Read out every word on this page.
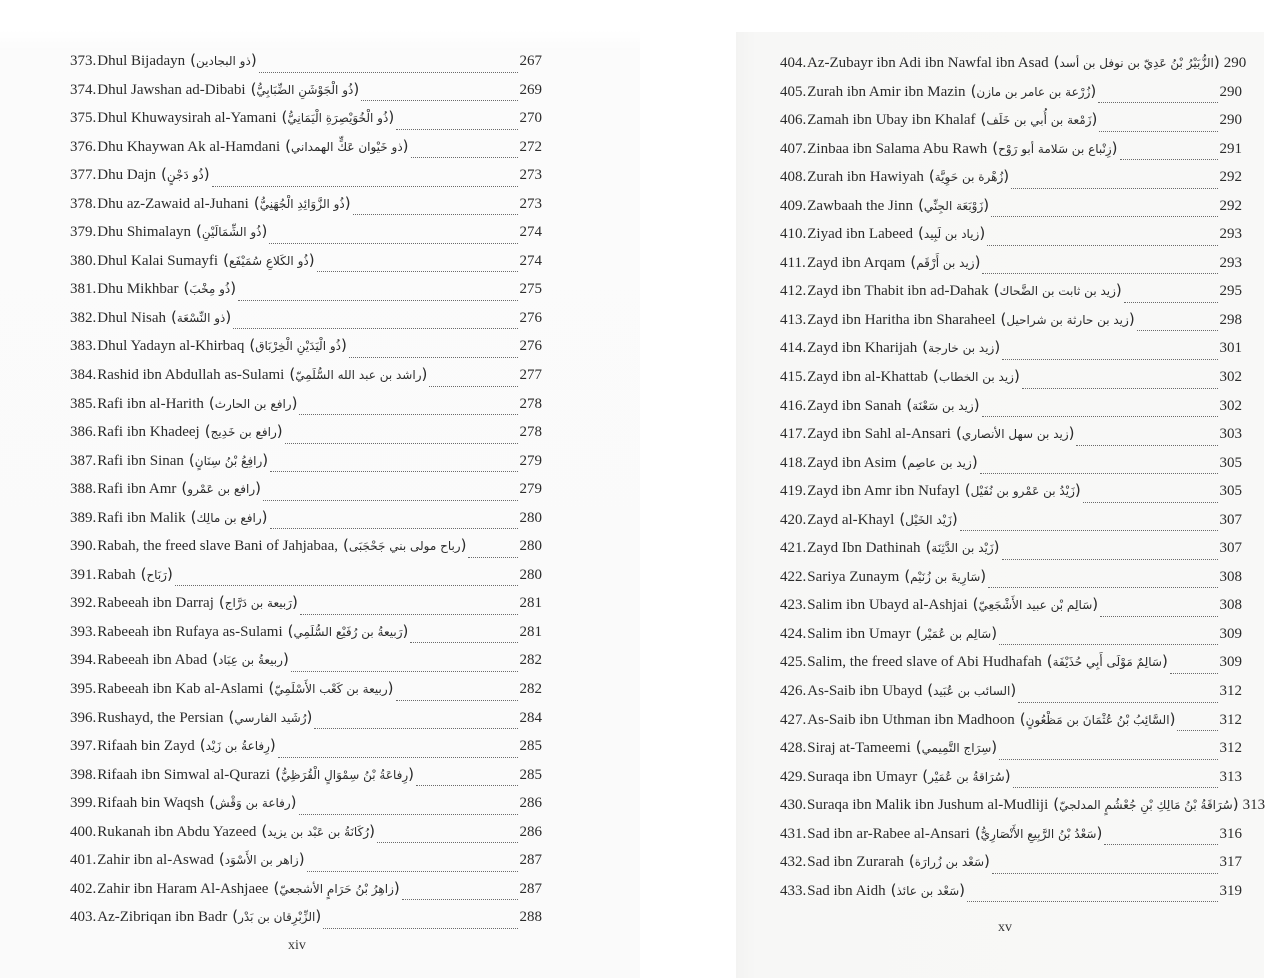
373. Dhul Bijadayn	(ذو البجادين)	267
374. Dhul Jawshan ad-Dibabi	(ذُو الْجَوْشَنِ الضِّبَابِيُّ)	269
375. Dhul Khuwaysirah al-Yamani	(ذُو الْخُوَيْصِرَةِ الْيَمَانِيُّ)	270
376. Dhu Khaywan Ak al-Hamdani	(ذو خَيْوان عَكٍّ الهمداني)	272
377. Dhu Dajn	(ذُو دَجْنٍ)	273
378. Dhu az-Zawaid al-Juhani	(ذُو الزَّوَائِدِ الْجُهَنِيُّ)	273
379. Dhu Shimalayn	(ذُو الشِّمَالَيْنِ)	274
380. Dhul Kalai Sumayfi	(ذُو الكَلاعِ سُمَيْفَع)	274
381. Dhu Mikhbar	(ذُو مِخْبَ)	275
382. Dhul Nisah	(ذو النِّسْعَة)	276
383. Dhul Yadayn al-Khirbaq	(ذُو الْيَدَيْنِ الْخِرْبَاق)	276
384. Rashid ibn Abdullah as-Sulami	(راشد بن عبد الله السُّلَمِيّ)	277
385. Rafi ibn al-Harith	(رافع بن الحارث)	278
386. Rafi ibn Khadeej	(رافع بن خَدِيج)	278
387. Rafi ibn Sinan	(رافِعُ بْنُ سِنَانٍ)	279
388. Rafi ibn Amr	(رافع بن عَمْرو)	279
389. Rafi ibn Malik	(رافع بن مالِك)	280
390. Rabah, the freed slave Bani of Jahjabaa,	(رباح مولى بني جَحْجَبَى)	280
391. Rabah	(رَبَاح)	280
392. Rabeeah ibn Darraj	(رَبيعة بن دَرَّاج)	281
393. Rabeeah ibn Rufaya as-Sulami	(رَبيعةُ بن رُفَيْع السُّلَمِي)	281
394. Rabeeah ibn Abad	(ربيعةُ بن عِبَاد)	282
395. Rabeeah ibn Kab al-Aslami	(ربيعة بن كَعْب الأَسْلَمِيّ)	282
396. Rushayd, the Persian	(رُشَيد الفارسي)	284
397. Rifaah bin Zayd	(رِفاعةُ بن زَيْد)	285
398. Rifaah ibn Simwal al-Qurazi	(رِفاعَةُ بْنُ سِمْوَالٍ الْقُرَظِيُّ)	285
399. Rifaah bin Waqsh	(رفاعة بن وَقْش)	286
400. Rukanah ibn Abdu Yazeed	(رُكَانَةُ بن عَبْد بن يزيد)	286
401. Zahir ibn al-Aswad	(زاهر بن الأَسْوَد)	287
402. Zahir ibn Haram Al-Ashjaee	(زاهِرُ بْنُ حَرَامٍ الأشجعيّ)	287
403. Az-Zibriqan ibn Badr	(الزِّبْرِقان بن بَدْر)	288
xiv
404. Az-Zubayr ibn Adi ibn Nawfal ibn Asad	(الزُّبَيْرُ بْنُ عَدِيّ بن نوفل بن أسد)	290
405. Zurah ibn Amir ibn Mazin	(زُرْعة بن عامر بن مازن)	290
406. Zamah ibn Ubay ibn Khalaf	(زَمْعة بن أُبي بن خَلَف)	290
407. Zinbaa ibn Salama Abu Rawh	(زِنْباع بن سَلامة أبو رَوْح)	291
408. Zurah ibn Hawiyah	(زُهْرة بن حَوِيَّة)	292
409. Zawbaah the Jinn	(زَوْبَعَة الجِنِّي)	292
410. Ziyad ibn Labeed	(زياد بن لَبِيد)	293
411. Zayd ibn Arqam	(زيد بن أَرْقَم)	293
412. Zayd ibn Thabit ibn ad-Dahak	(زيد بن ثابت بن الضَّحاك)	295
413. Zayd ibn Haritha ibn Sharaheel	(زيد بن حارثة بن شراحيل)	298
414. Zayd ibn Kharijah	(زيد بن خارجة)	301
415. Zayd ibn al-Khattab	(زيد بن الخطاب)	302
416. Zayd ibn Sanah	(زيد بن سَعْنَة)	302
417. Zayd ibn Sahl al-Ansari	(زيد بن سهل الأنصاري)	303
418. Zayd ibn Asim	(زيد بن عاصِم)	305
419. Zayd ibn Amr ibn Nufayl	(زَيْدُ بن عَمْرو بن نُفَيْل)	305
420. Zayd al-Khayl	(زَيْد الخَيْل)	307
421. Zayd Ibn Dathinah	(زَيْد بن الدَّثِنَة)	307
422. Sariya Zunaym	(سَارِيةَ بن زُنَيْم)	308
423. Salim ibn Ubayd al-Ashjai	(سَالِم بْن عبيد الأَشْجَعِيّ)	308
424. Salim ibn Umayr	(سَالِم بن عُمَيْر)	309
425. Salim, the freed slave of Abi Hudhafah	(سَالِمٌ مَوْلَى أَبِي حُذَيْفَة)	309
426. As-Saib ibn Ubayd	(السائب بن عُبَيد)	312
427. As-Saib ibn Uthman ibn Madhoon	(السَّائِبُ بْنُ عُثْمَانَ بن مَظْعُونٍ)	312
428. Siraj at-Tameemi	(سِرَاج التَّمِيمي)	312
429. Suraqa ibn Umayr	(سُرَاقةُ بن عُمَيْر)	313
430. Suraqa ibn Malik ibn Jushum al-Mudliji	(سُرَاقَةُ بْنُ مَالِكِ بْنِ جُعْشُمٍ المدلجيّ)	313
431. Sad ibn ar-Rabee al-Ansari	(سَعْدُ بْنُ الرَّبِيعِ الأَنْصَارِيُّ)	316
432. Sad ibn Zurarah	(سَعْد بن زُرارَة)	317
433. Sad ibn Aidh	(سَعْد بن عائذ)	319
xv
